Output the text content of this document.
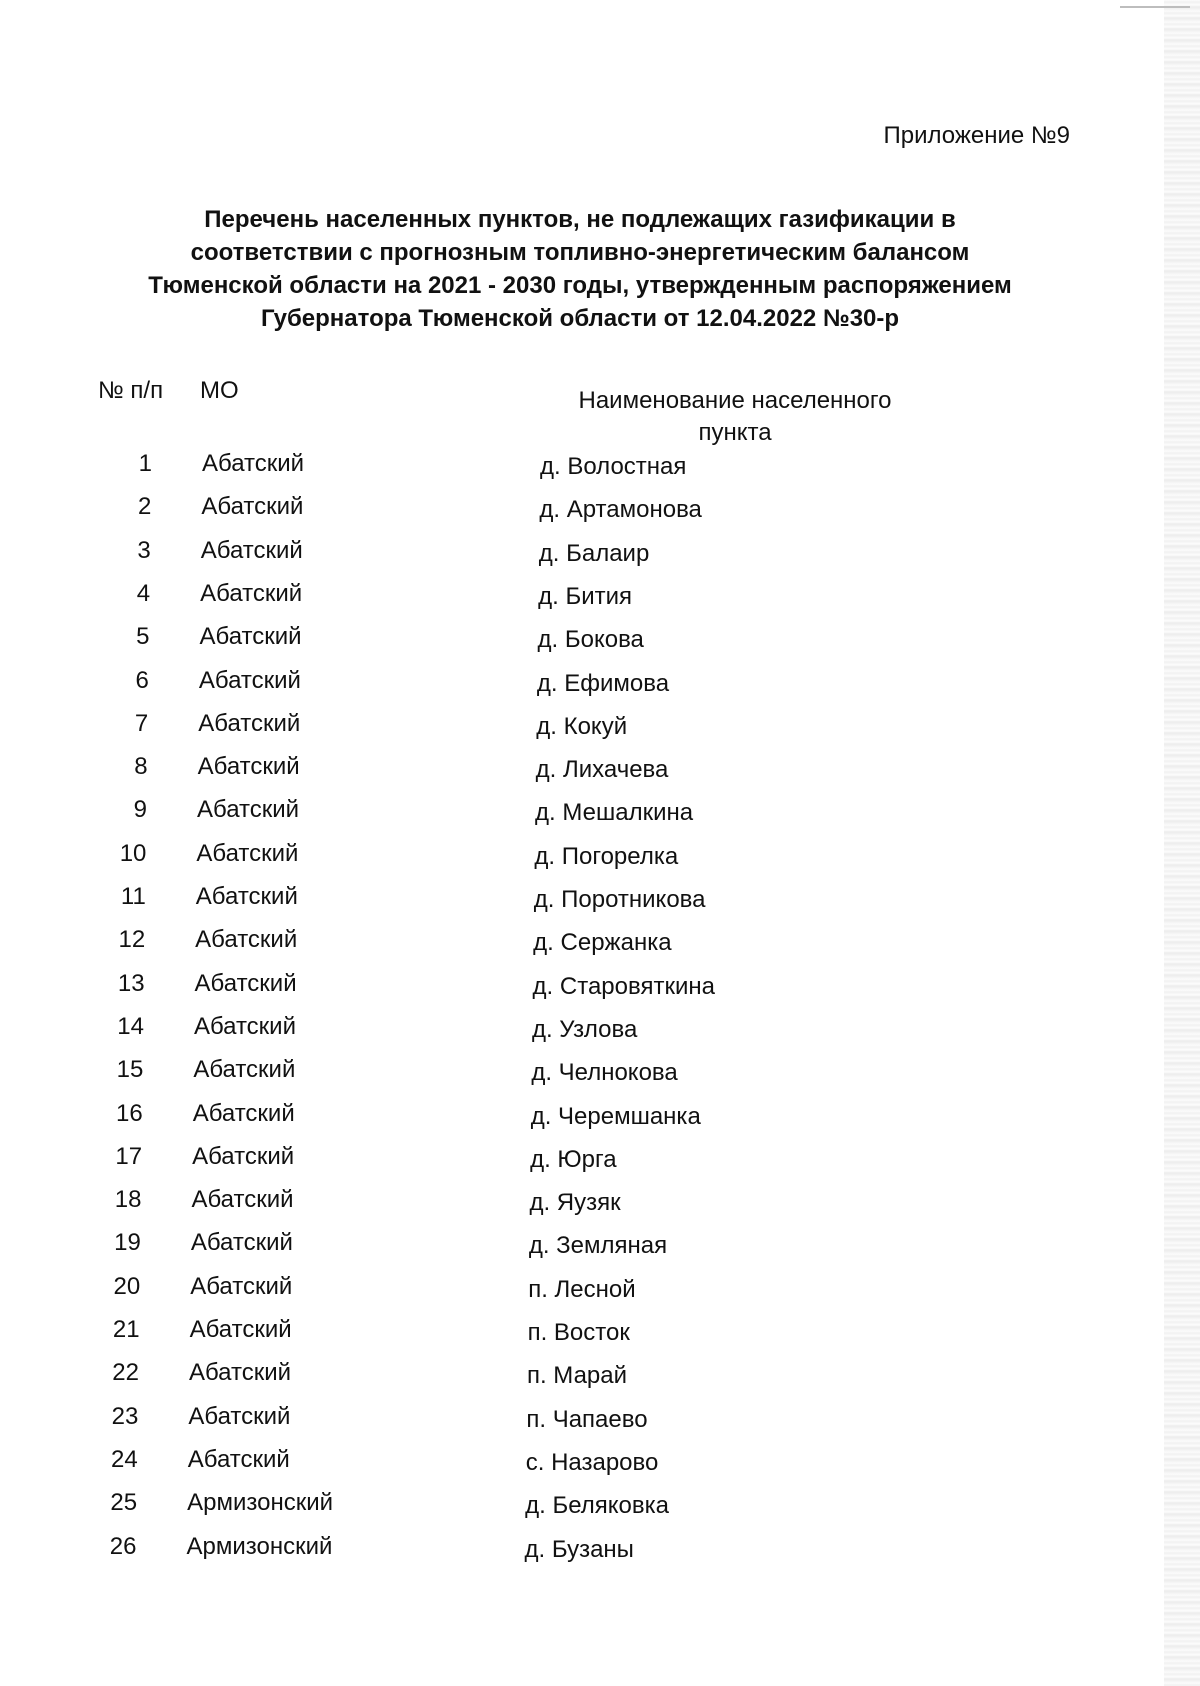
Приложение №9
Перечень населенных пунктов, не подлежащих газификации в
соответствии с прогнозным топливно-энергетическим балансом
Тюменской области на 2021 - 2030 годы, утвержденным распоряжением
Губернатора Тюменской области от 12.04.2022 №30-р
№ п/п МО	Наименование населенного
пункта
1 Абатский	д. Волостная
2 Абатский	д. Артамонова
3 Абатский	д. Балаир
4 Абатский	д. Бития
5 Абатский	д. Бокова
6 Абатский	д. Ефимова
7 Абатский	д. Кокуй
8 Абатский	д. Лихачева
9 Абатский	д. Мешалкина
10 Абатский	д. Погорелка
11 Абатский	д. Поротникова
12 Абатский	д. Сержанка
13 Абатский	д. Старовяткина
14 Абатский	д. Узлова
15 Абатский	д. Челнокова
16 Абатский	д. Черемшанка
17 Абатский	д. Юрга
18 Абатский	д. Яузяк
19 Абатский	д. Земляная
20 Абатский	п. Лесной
21 Абатский	п. Восток
22 Абатский	п. Марай
23 Абатский	п. Чапаево
24 Абатский	с. Назарово
25 Армизонский	д. Беляковка
26 Армизонский	д. Бузаны
